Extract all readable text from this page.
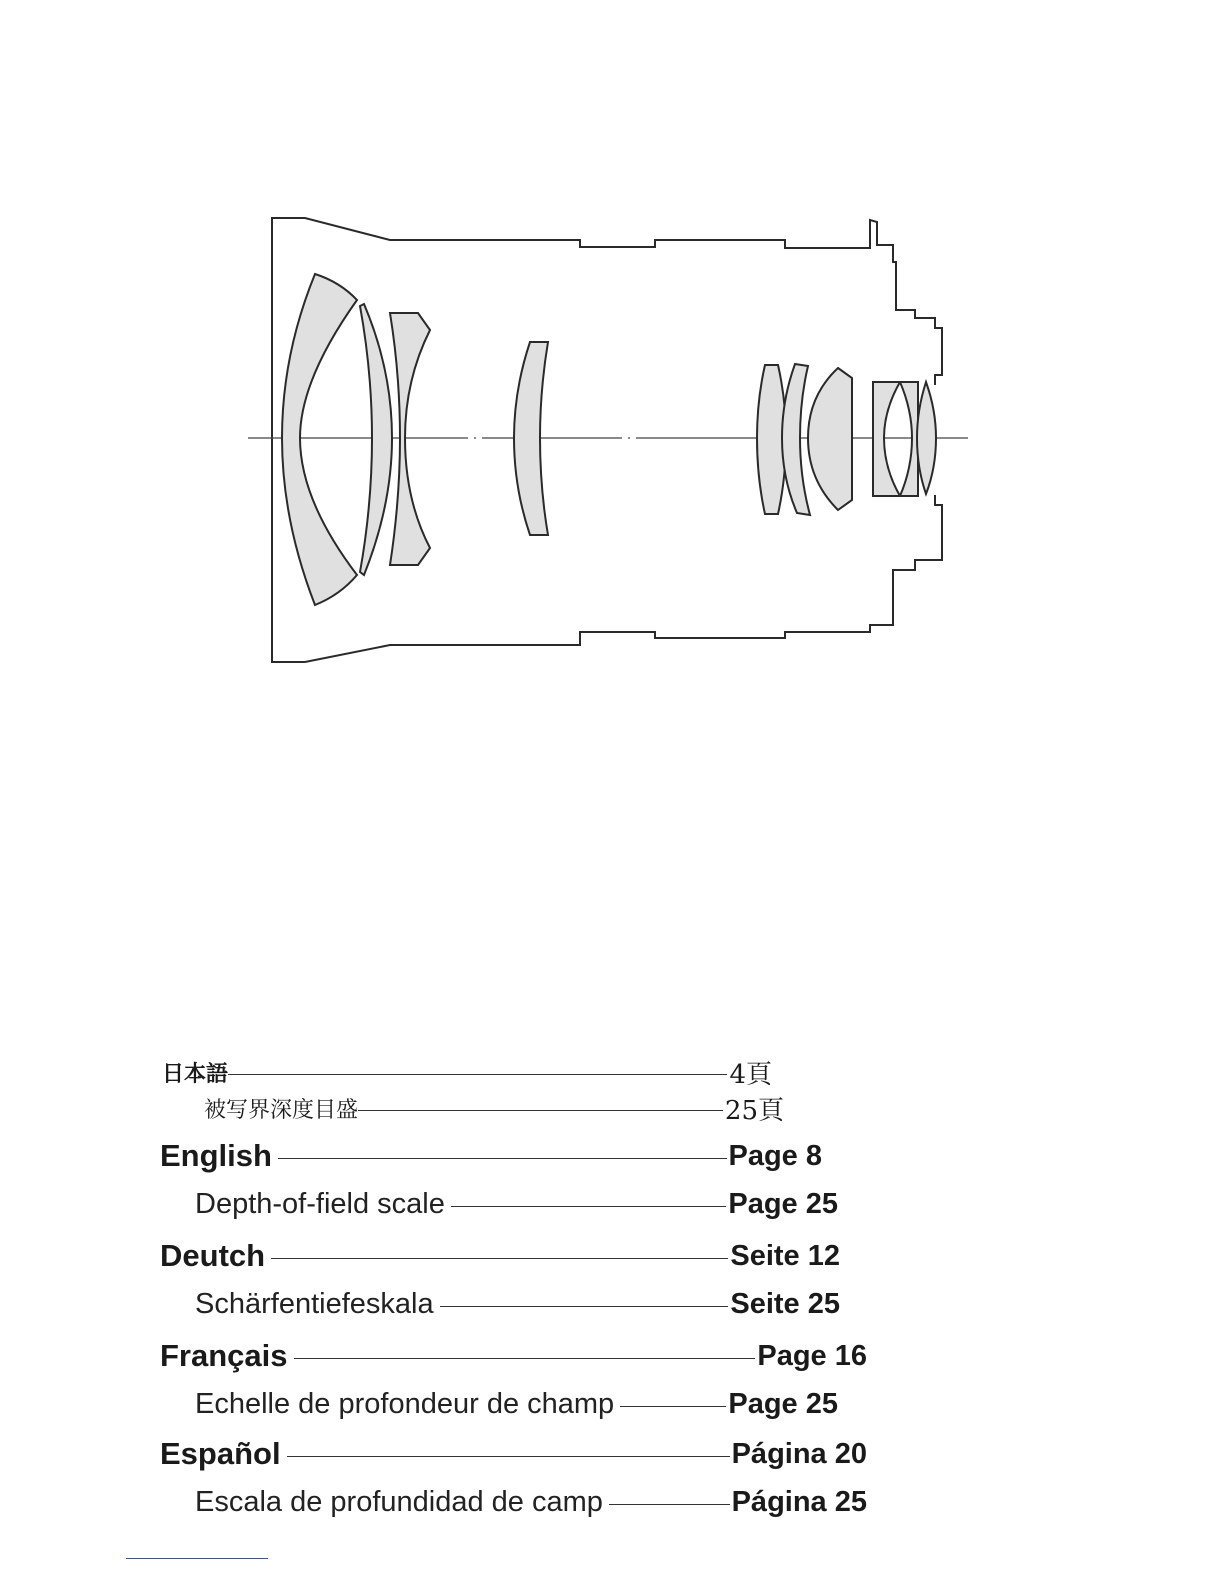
日本語	4頁
被写界深度目盛	25頁
English	Page 8
Depth-of-field scale	Page 25
Deutch	Seite 12
Schärfentiefeskala	Seite 25
Français	Page 16
Echelle de profondeur de champ	Page 25
Español	Página 20
Escala de profundidad de camp	Página 25
